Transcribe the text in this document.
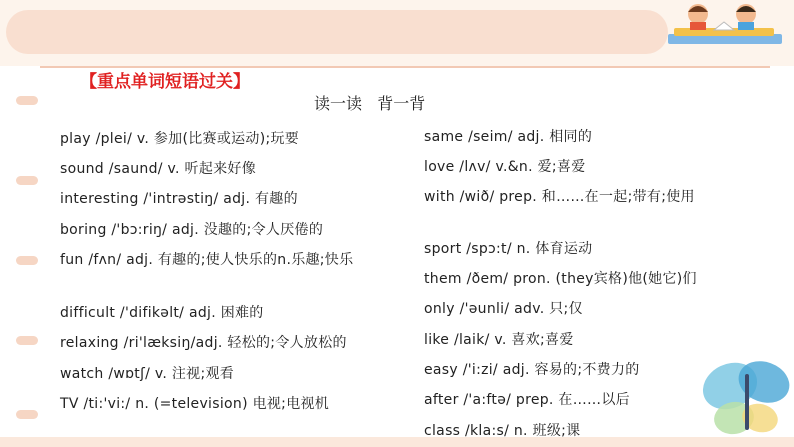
【重点单词短语过关】
读一读   背一背
play /plei/ v. 参加(比赛或运动);玩要
sound /saund/ v. 听起来好像
interesting /'intrəstiŋ/ adj. 有趣的
boring /'bɔ:riŋ/ adj. 没趣的;令人厌倦的
fun /fʌn/ adj. 有趣的;使人快乐的n.乐趣;快乐
difficult /'difikəlt/ adj. 困难的
relaxing /ri'læksiŋ/adj. 轻松的;令人放松的
watch /wɒtʃ/ v. 注视;观看
TV /ti:'vi:/ n. (=television) 电视;电视机
same /seim/ adj. 相同的
love /lʌv/ v.&n. 爱;喜爱
with /wið/ prep. 和……在一起;带有;使用
sport /spɔ:t/ n. 体育运动
them /ðem/ pron. (they宾格)他(她它)们
only /'əunli/ adv. 只;仅
like /laik/ v. 喜欢;喜爱
easy /'i:zi/ adj. 容易的;不费力的
after /'a:ftə/ prep. 在……以后
class /kla:s/ n. 班级;课
